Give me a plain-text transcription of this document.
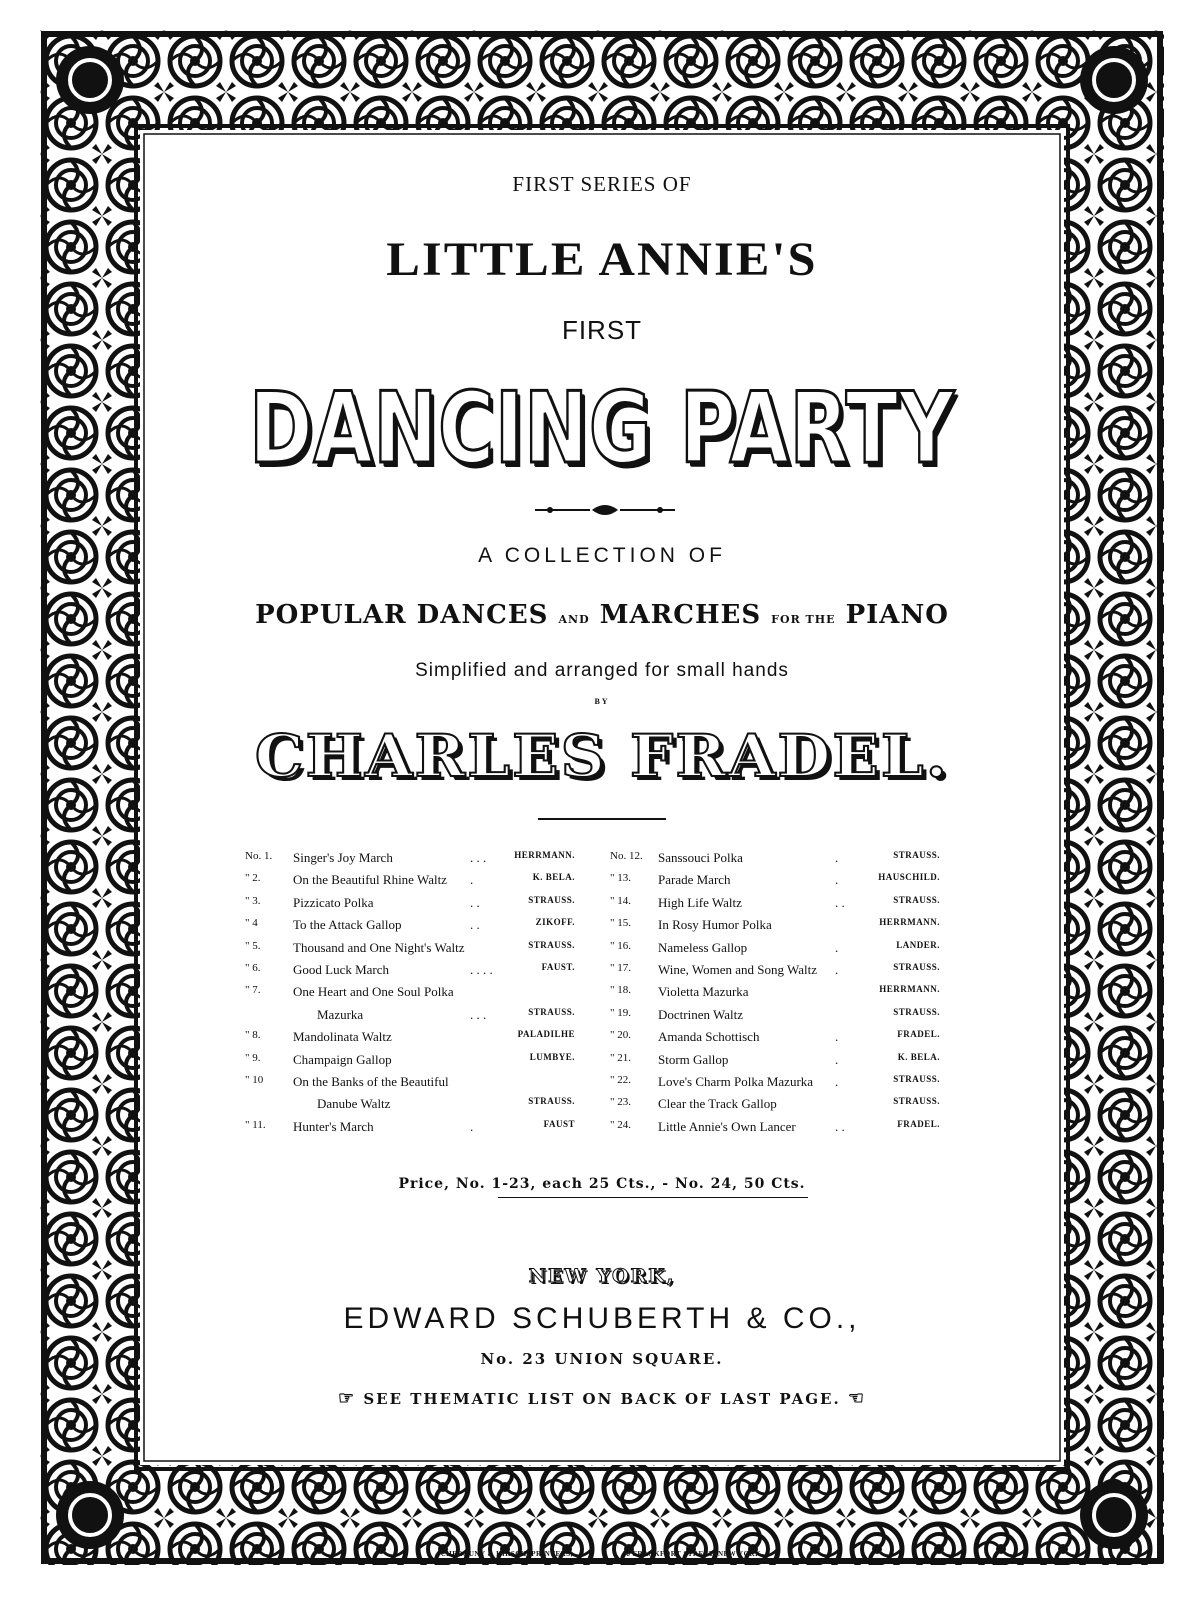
FIRST SERIES OF
LITTLE ANNIE'S
FIRST
DANCING PARTY
A COLLECTION OF
POPULAR DANCES AND MARCHES FOR THE PIANO
Simplified and arranged for small hands
BY
CHARLES FRADEL.
No. 1. Singer's Joy March	. . .	HERRMANN.
" 2.	On the Beautiful Rhine Waltz .	K. BELA.
" 3.	Pizzicato Polka	. .	STRAUSS.
" 4	To the Attack Gallop	. .	ZIKOFF.
" 5.	Thousand and One Night's Waltz	STRAUSS.
" 6.	Good Luck March	. . . .	FAUST.
" 7.	One Heart and One Soul Polka
Mazurka	. . .	STRAUSS.
" 8.	Mandolinata Waltz	PALADILHE
" 9.	Champaign Gallop	LUMBYE.
" 10 On the Banks of the Beautiful
Danube Waltz	STRAUSS.
" 11. Hunter's March	.	FAUST
No. 12. Sanssouci Polka	.	STRAUSS.
" 13. Parade March	.	HAUSCHILD.
" 14. High Life Waltz	. .	STRAUSS.
" 15. In Rosy Humor Polka	HERRMANN.
" 16. Nameless Gallop	.	LANDER.
" 17. Wine, Women and Song Waltz .	STRAUSS.
" 18. Violetta Mazurka	HERRMANN.
" 19. Doctrinen Waltz	STRAUSS.
" 20. Amanda Schottisch	.	FRADEL.
" 21. Storm Gallop	.	K. BELA.
" 22. Love's Charm Polka Mazurka .	STRAUSS.
" 23. Clear the Track Gallop	STRAUSS.
" 24. Little Annie's Own Lancer	. .	FRADEL.
Price, No. 1-23, each 25 Cts., - No. 24, 50 Cts.
NEW YORK,
EDWARD SCHUBERTH & CO.,
No. 23 UNION SQUARE.
☞ SEE THEMATIC LIST ON BACK OF LAST PAGE. ☜
CHEROUNY & KIRSCH, PRINTERS,	18 FRANKFORT STREET, NEW YORK.
